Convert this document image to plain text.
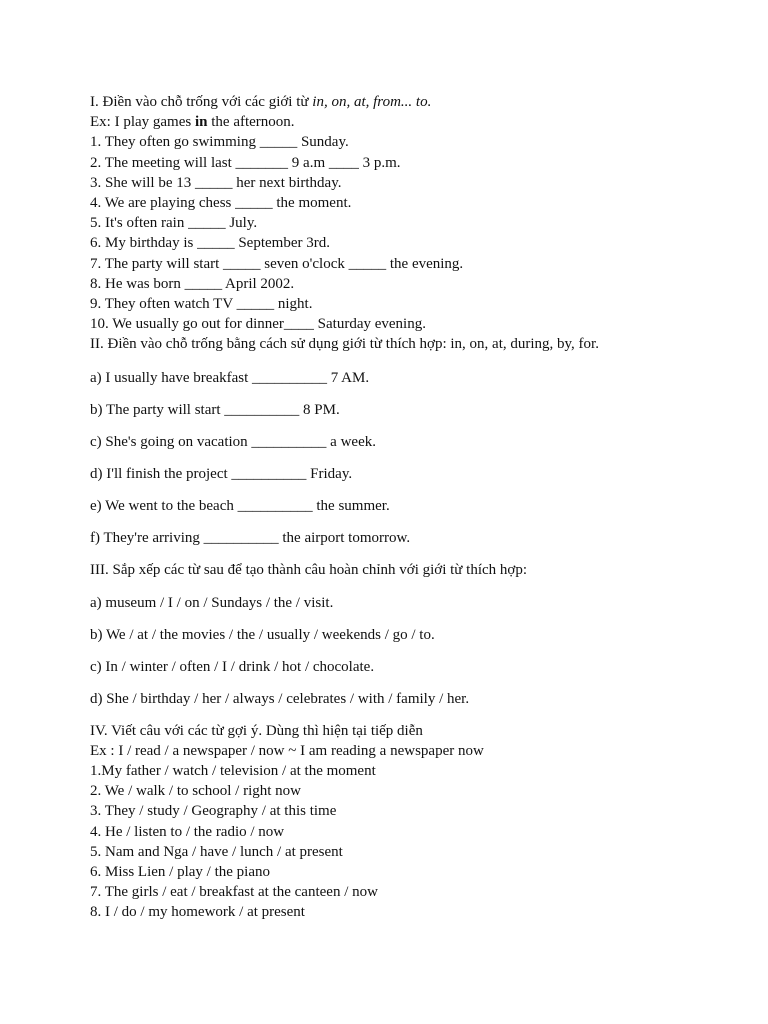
I. Điền vào chỗ trống với các giới từ in, on, at, from... to.
Ex: I play games in the afternoon.
1. They often go swimming _____ Sunday.
2. The meeting will last _______ 9 a.m ____ 3 p.m.
3. She will be 13 _____ her next birthday.
4. We are playing chess _____ the moment.
5. It's often rain _____ July.
6. My birthday is _____ September 3rd.
7. The party will start _____ seven o'clock _____ the evening.
8. He was born _____ April 2002.
9. They often watch TV _____ night.
10. We usually go out for dinner____ Saturday evening.
II. Điền vào chỗ trống bằng cách sử dụng giới từ thích hợp: in, on, at, during, by, for.
a) I usually have breakfast __________ 7 AM.
b) The party will start __________ 8 PM.
c) She's going on vacation __________ a week.
d) I'll finish the project __________ Friday.
e) We went to the beach __________ the summer.
f) They're arriving __________ the airport tomorrow.
III. Sắp xếp các từ sau để tạo thành câu hoàn chỉnh với giới từ thích hợp:
a) museum / I / on / Sundays / the / visit.
b) We / at / the movies / the / usually / weekends / go / to.
c) In / winter / often / I / drink / hot / chocolate.
d) She / birthday / her / always / celebrates / with / family / her.
IV. Viết câu với các từ gợi ý. Dùng thì hiện tại tiếp diễn
Ex : I / read / a newspaper / now ~ I am reading a newspaper now
1.My father / watch / television / at the moment
2. We / walk / to school / right now
3. They / study / Geography / at this time
4. He / listen to / the radio / now
5. Nam and Nga / have / lunch / at present
6. Miss Lien / play / the piano
7. The girls / eat / breakfast at the canteen / now
8. I / do / my homework / at present
